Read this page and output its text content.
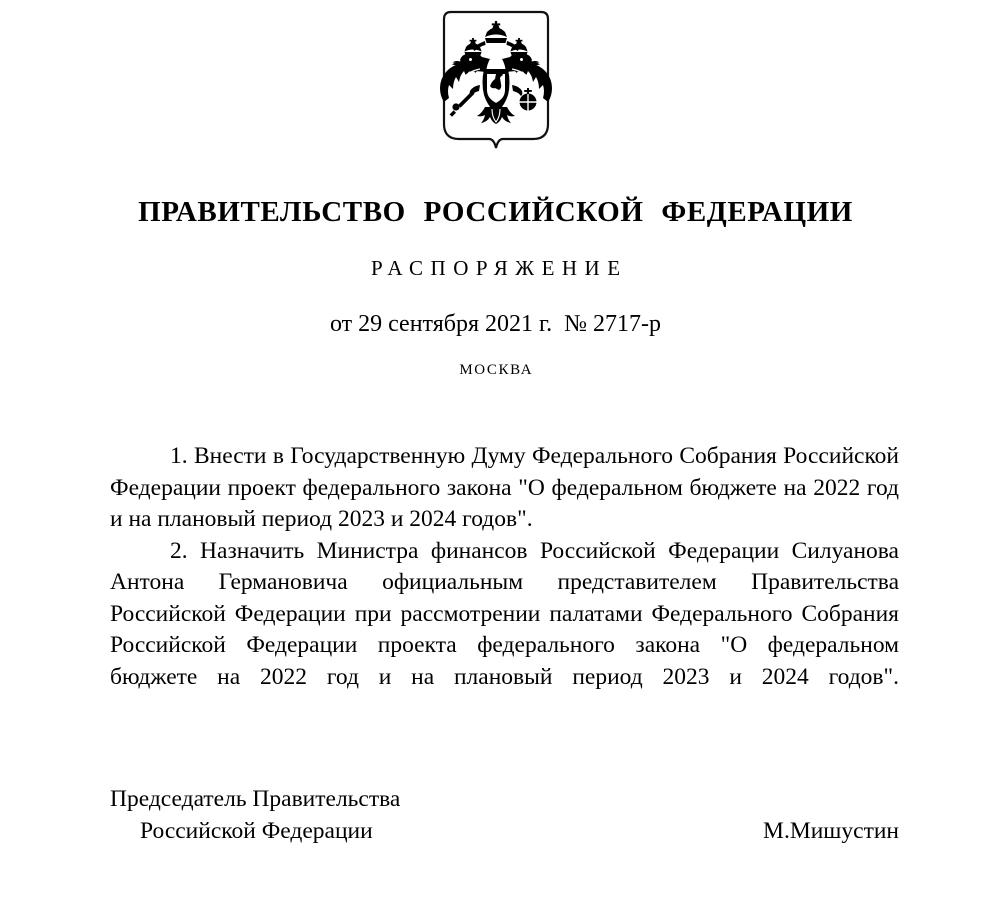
ПРАВИТЕЛЬСТВО РОССИЙСКОЙ ФЕДЕРАЦИИ
РАСПОРЯЖЕНИЕ
от 29 сентября 2021 г.  № 2717-р
МОСКВА

1. Внести в Государственную Думу Федерального Собрания Российской Федерации проект федерального закона "О федеральном бюджете на 2022 год и на плановый период 2023 и 2024 годов".

2. Назначить Министра финансов Российской Федерации Силуанова Антона Германовича официальным представителем Правительства Российской Федерации при рассмотрении палатами Федерального Собрания Российской Федерации проекта федерального закона "О федеральном бюджете на 2022 год и на плановый период 2023 и 2024 годов".

Председатель Правительства
Российской Федерации	М.Мишустин
